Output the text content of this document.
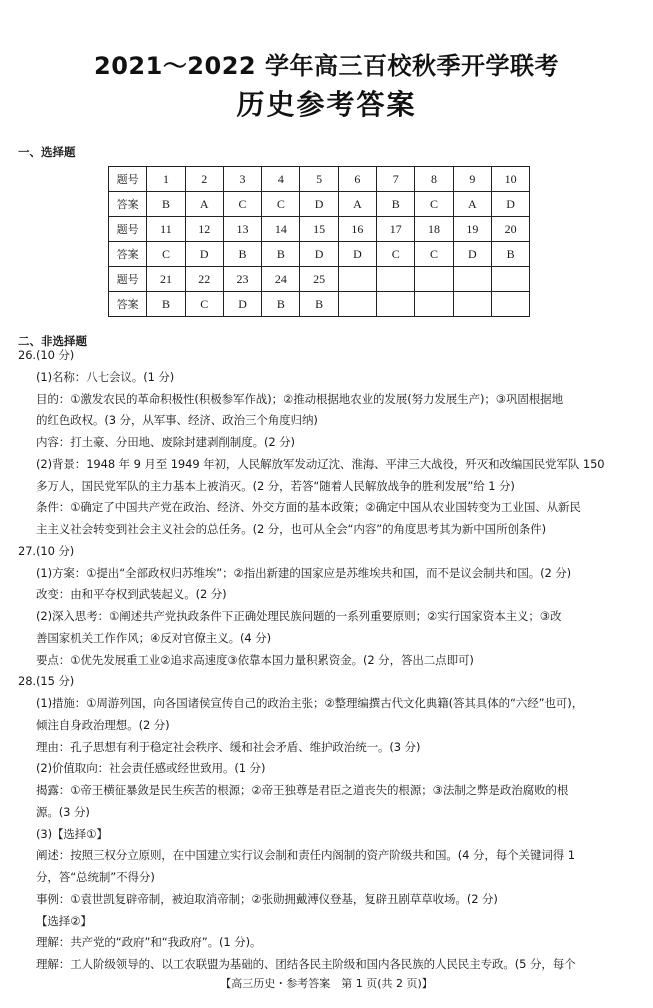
2021～2022 学年高三百校秋季开学联考
历史参考答案
一、选择题
题号	1	2	3	4	5	6	7	8	9	10
答案	B	A	C	C	D	A	B	C	A	D
题号	11	12	13	14	15	16	17	18	19	20
答案	C	D	B	B	D	D	C	C	D	B
题号	21	22	23	24	25					
答案	B	C	D	B	B					
二、非选择题
26.(10 分)
(1)名称：八七会议。(1 分)
目的：①激发农民的革命积极性(积极参军作战)；②推动根据地农业的发展(努力发展生产)；③巩固根据地
的红色政权。(3 分，从军事、经济、政治三个角度归纳)
内容：打土豪、分田地、废除封建剥削制度。(2 分)
(2)背景：1948 年 9 月至 1949 年初，人民解放军发动辽沈、淮海、平津三大战役，歼灭和改编国民党军队 150
多万人，国民党军队的主力基本上被消灭。(2 分，若答“随着人民解放战争的胜利发展”给 1 分)
条件：①确定了中国共产党在政治、经济、外交方面的基本政策；②确定中国从农业国转变为工业国、从新民
主主义社会转变到社会主义社会的总任务。(2 分，也可从全会“内容”的角度思考其为新中国所创条件)
27.(10 分)
(1)方案：①提出“全部政权归苏维埃”；②指出新建的国家应是苏维埃共和国，而不是议会制共和国。(2 分)
改变：由和平夺权到武装起义。(2 分)
(2)深入思考：①阐述共产党执政条件下正确处理民族问题的一系列重要原则；②实行国家资本主义；③改
善国家机关工作作风；④反对官僚主义。(4 分)
要点：①优先发展重工业②追求高速度③依靠本国力量积累资金。(2 分，答出二点即可)
28.(15 分)
(1)措施：①周游列国，向各国诸侯宣传自己的政治主张；②整理编撰古代文化典籍(答其具体的“六经”也可)，
倾注自身政治理想。(2 分)
理由：孔子思想有利于稳定社会秩序、缓和社会矛盾、维护政治统一。(3 分)
(2)价值取向：社会责任感或经世致用。(1 分)
揭露：①帝王横征暴敛是民生疾苦的根源；②帝王独尊是君臣之道丧失的根源；③法制之弊是政治腐败的根
源。(3 分)
(3)【选择①】
阐述：按照三权分立原则，在中国建立实行议会制和责任内阁制的资产阶级共和国。(4 分，每个关键词得 1
分，答“总统制”不得分)
事例：①袁世凯复辟帝制，被迫取消帝制；②张勋拥戴溥仪登基，复辟丑剧草草收场。(2 分)
【选择②】
理解：共产党的“政府”和“我政府”。(1 分)。
理解：工人阶级领导的、以工农联盟为基础的、团结各民主阶级和国内各民族的人民民主专政。(5 分，每个
【高三历史・参考答案　第 1 页(共 2 页)】
